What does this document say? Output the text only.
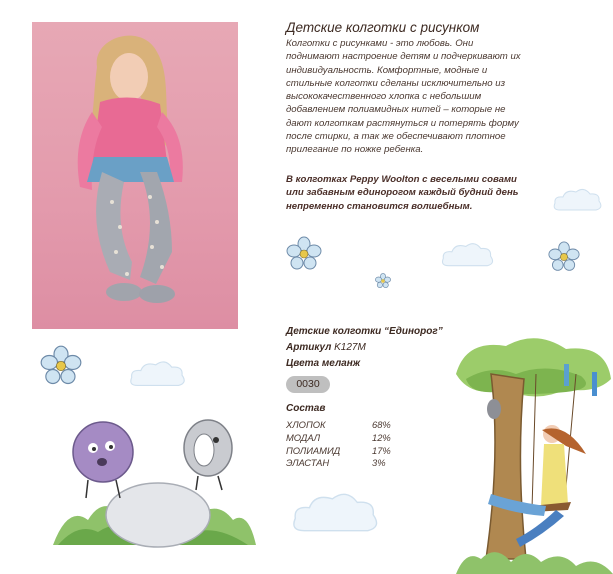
Детские колготки с рисунком
Колготки с рисунками - это любовь. Они
поднимают настроение детям и подчеркивают их
индивидуальность. Комфортные, модные и
стильные колготки сделаны исключительно из
высококачественного хлопка с небольшим
добавлением полиамидных нитей – которые не
дают колготкам растянуться и потерять форму
после стирки, а так же обеспечивают плотное
прилегание по ножке ребенка.
В колготках Peppy Woolton с веселыми совами
или забавным единорогом каждый будний день
непременно становится волшебным.
Детские колготки “Единорог”
Артикул K127M
Цвета меланж
0030
Состав
ХЛОПОК	68%
МОДАЛ	12%
ПОЛИАМИД	17%
ЭЛАСТАН	3%
